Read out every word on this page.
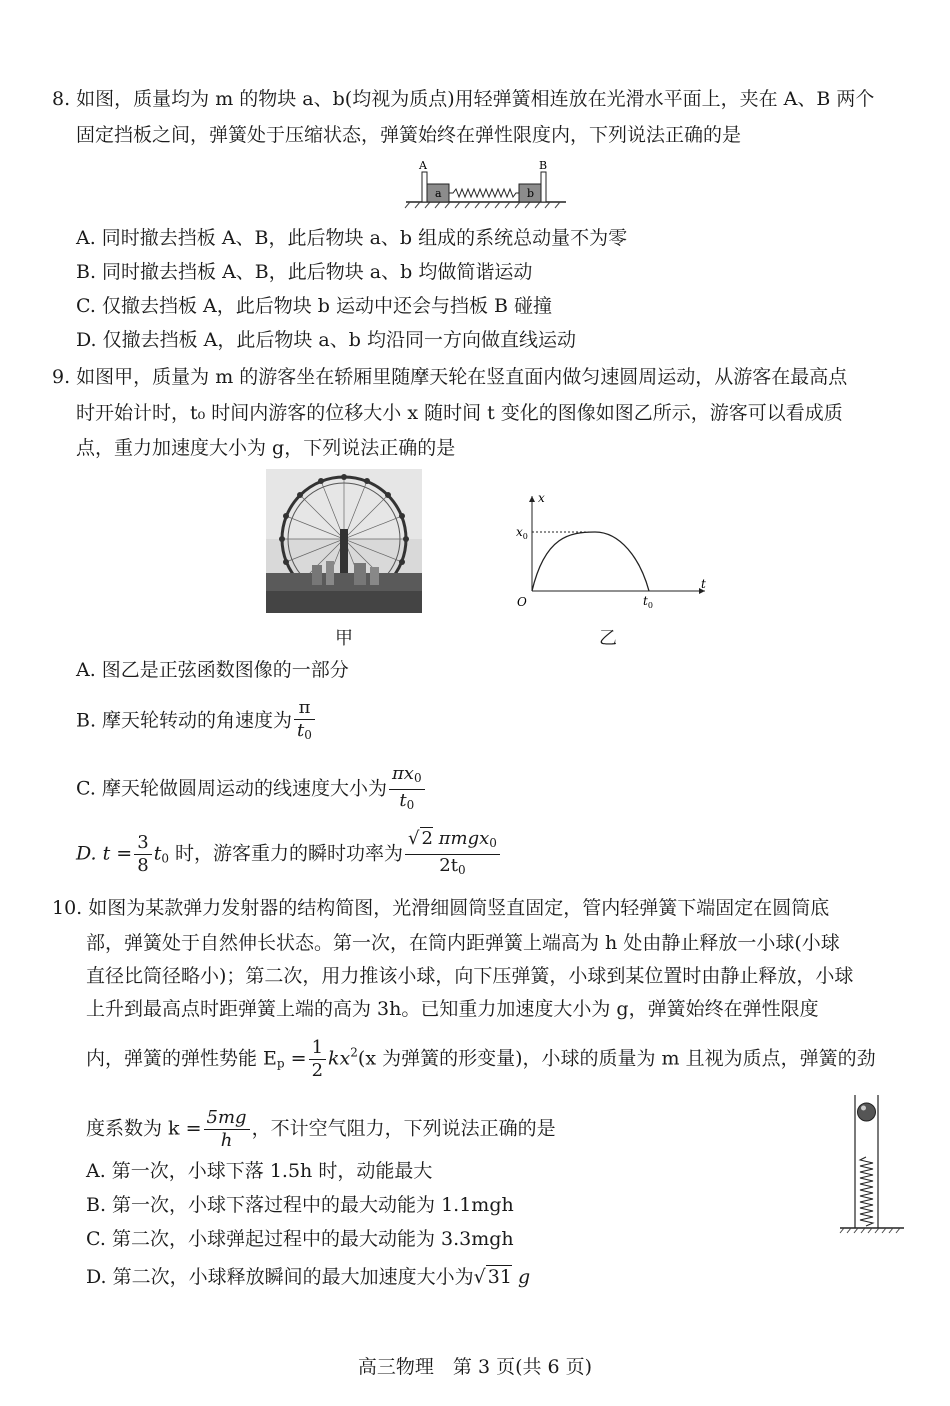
8. 如图，质量均为 m 的物块 a、b(均视为质点)用轻弹簧相连放在光滑水平面上，夹在 A、B 两个
固定挡板之间，弹簧处于压缩状态，弹簧始终在弹性限度内，下列说法正确的是
A	B
a	b
A. 同时撤去挡板 A、B，此后物块 a、b 组成的系统总动量不为零
B. 同时撤去挡板 A、B，此后物块 a、b 均做简谐运动
C. 仅撤去挡板 A，此后物块 b 运动中还会与挡板 B 碰撞
D. 仅撤去挡板 A，此后物块 a、b 均沿同一方向做直线运动
9. 如图甲，质量为 m 的游客坐在轿厢里随摩天轮在竖直面内做匀速圆周运动，从游客在最高点
时开始计时，t₀ 时间内游客的位移大小 x 随时间 t 变化的图像如图乙所示，游客可以看成质
点，重力加速度大小为 g，下列说法正确的是
甲
x
t
O
$x_0$
$t_0$
乙
A. 图乙是正弦函数图像的一部分
B. 摩天轮转动的角速度为 $\frac{\pi}{t_0}$
C. 摩天轮做圆周运动的线速度大小为 $\frac{\pi x_0}{t_0}$
D. $t = \frac{3}{8} t_0$ 时，游客重力的瞬时功率为 $\frac{√ 2 \pi mgx_0}{2t_0}$
10. 如图为某款弹力发射器的结构简图，光滑细圆筒竖直固定，管内轻弹簧下端固定在圆筒底
部，弹簧处于自然伸长状态。第一次，在筒内距弹簧上端高为 h 处由静止释放一小球(小球
直径比筒径略小)；第二次，用力推该小球，向下压弹簧，小球到某位置时由静止释放，小球
上升到最高点时距弹簧上端的高为 3h。已知重力加速度大小为 g，弹簧始终在弹性限度
内，弹簧的弹性势能 $E_p = \frac{1}{2} kx^2(x$ 为弹簧的形变量)，小球的质量为 m 且视为质点，弹簧的劲
度系数为 $k = \frac{5mg}{h}$ ，不计空气阻力，下列说法正确的是
A. 第一次，小球下落 1.5h 时，动能最大
B. 第一次，小球下落过程中的最大动能为 1.1mgh
C. 第二次，小球弹起过程中的最大动能为 3.3mgh
D. 第二次，小球释放瞬间的最大加速度大小为√ 31 g
高三物理　第 3 页(共 6 页)
